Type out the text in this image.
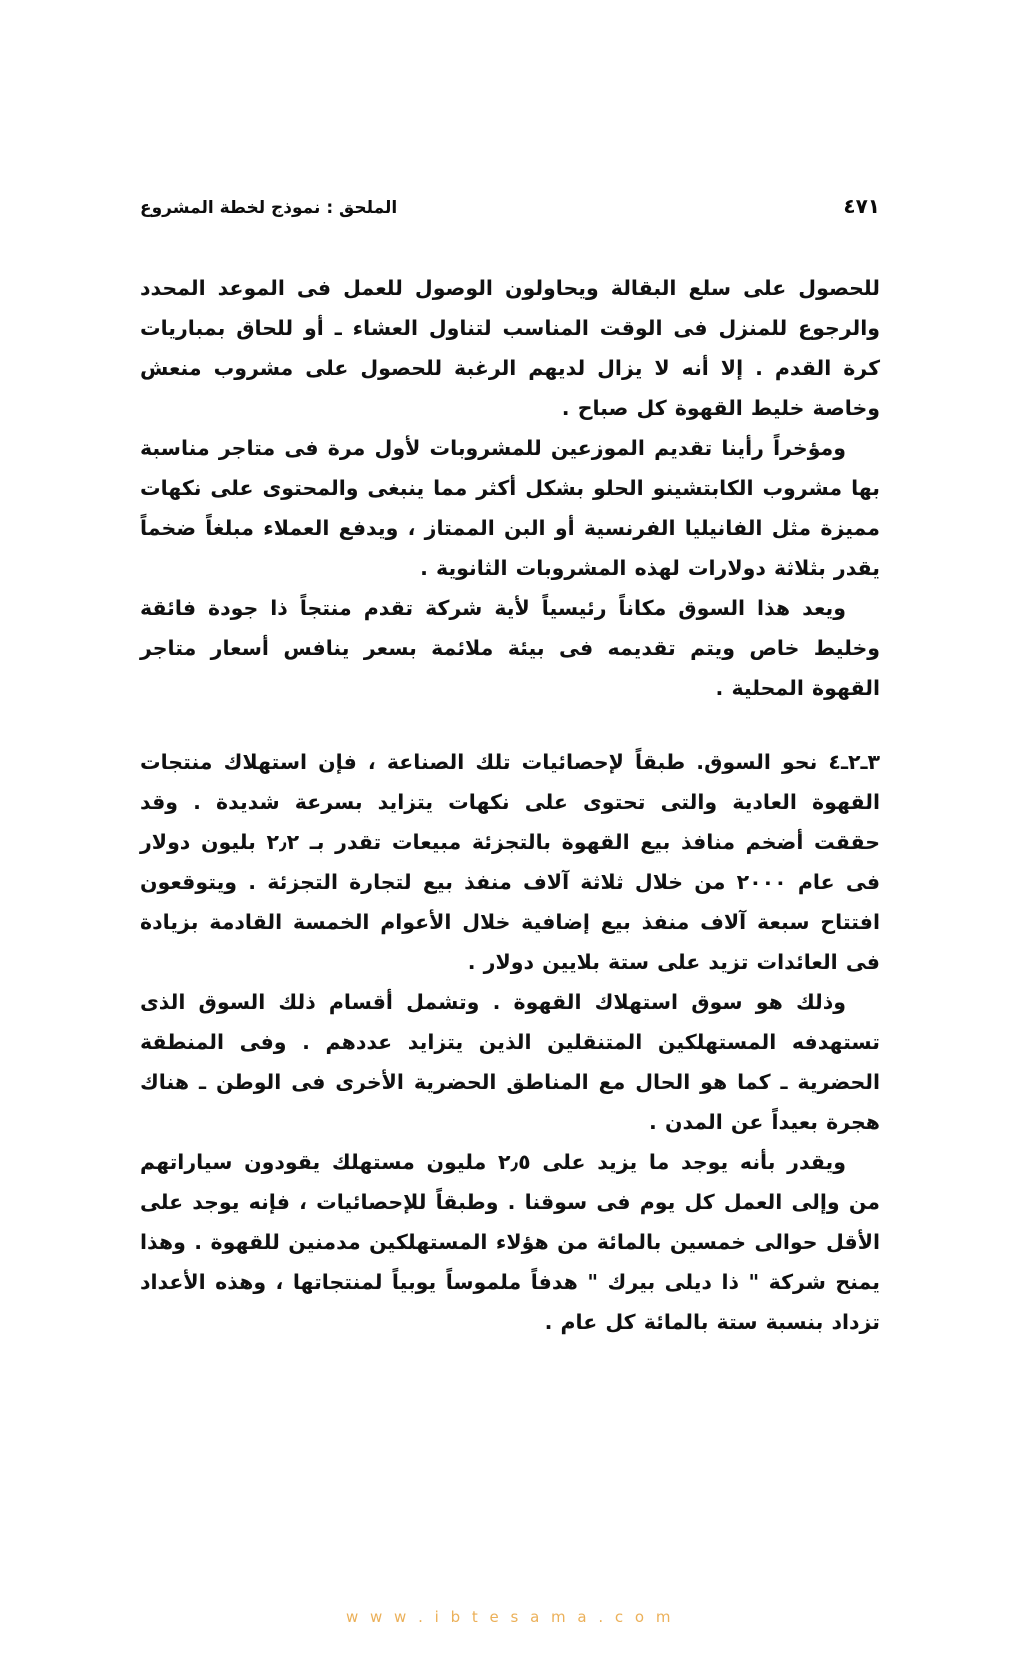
٤٧١
الملحق : نموذج لخطة المشروع

للحصول على سلع البقالة ويحاولون الوصول للعمل فى الموعد المحدد والرجوع للمنزل فى الوقت المناسب لتناول العشاء ـ أو للحاق بمباريات كرة القدم . إلا أنه لا يزال لديهم الرغبة للحصول على مشروب منعش وخاصة خليط القهوة كل صباح .

ومؤخراً رأينا تقديم الموزعين للمشروبات لأول مرة فى متاجر مناسبة بها مشروب الكابتشينو الحلو بشكل أكثر مما ينبغى والمحتوى على نكهات مميزة مثل الفانيليا الفرنسية أو البن الممتاز ، ويدفع العملاء مبلغاً ضخماً يقدر بثلاثة دولارات لهذه المشروبات الثانوية .

ويعد هذا السوق مكاناً رئيسياً لأية شركة تقدم منتجاً ذا جودة فائقة وخليط خاص ويتم تقديمه فى بيئة ملائمة بسعر ينافس أسعار متاجر القهوة المحلية .

٣ـ٢ـ٤ نحو السوق. طبقاً لإحصائيات تلك الصناعة ، فإن استهلاك منتجات القهوة العادية والتى تحتوى على نكهات يتزايد بسرعة شديدة . وقد حققت أضخم منافذ بيع القهوة بالتجزئة مبيعات تقدر بـ ٢٫٢ بليون دولار فى عام ٢٠٠٠ من خلال ثلاثة آلاف منفذ بيع لتجارة التجزئة . ويتوقعون افتتاح سبعة آلاف منفذ بيع إضافية خلال الأعوام الخمسة القادمة بزيادة فى العائدات تزيد على ستة بلايين دولار .

وذلك هو سوق استهلاك القهوة . وتشمل أقسام ذلك السوق الذى تستهدفه المستهلكين المتنقلين الذين يتزايد عددهم . وفى المنطقة الحضرية ـ كما هو الحال مع المناطق الحضرية الأخرى فى الوطن ـ هناك هجرة بعيداً عن المدن .

ويقدر بأنه يوجد ما يزيد على ٢٫٥ مليون مستهلك يقودون سياراتهم من وإلى العمل كل يوم فى سوقنا . وطبقاً للإحصائيات ، فإنه يوجد على الأقل حوالى خمسين بالمائة من هؤلاء المستهلكين مدمنين للقهوة . وهذا يمنح شركة " ذا ديلى بيرك " هدفاً ملموساً يوبياً لمنتجاتها ، وهذه الأعداد تزداد بنسبة ستة بالمائة كل عام .

w w w . i b t e s a m a . c o m
